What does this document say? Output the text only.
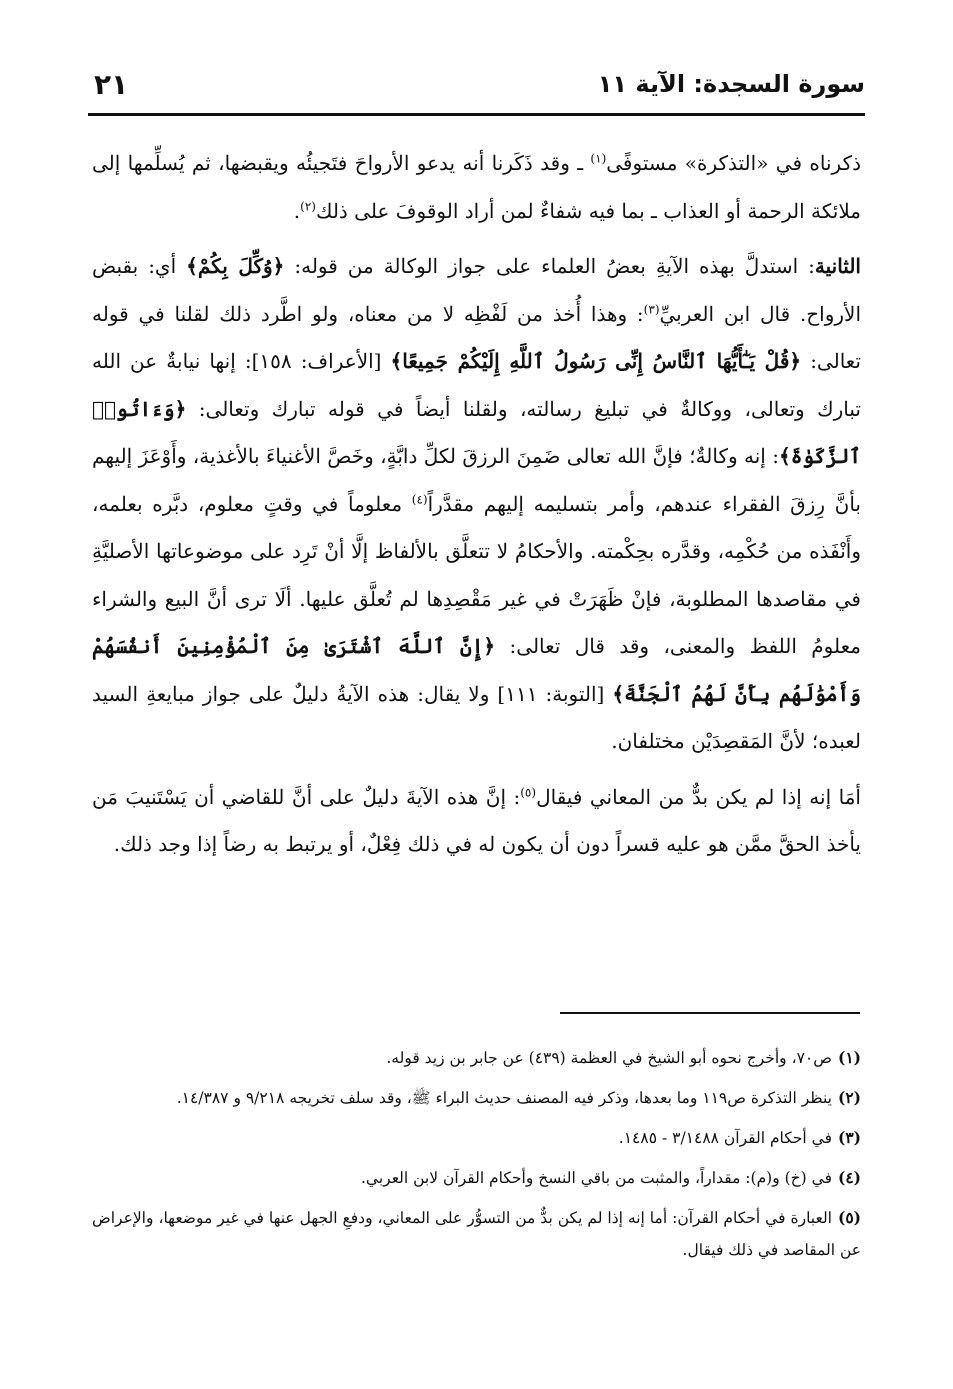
سورة السجدة: الآية ١١
٢١

ذكرناه في «التذكرة» مستوفًى$^{(١)}$ ـ وقد ذَكَرنا أنه يدعو الأرواحَ فتَجيئُه ويقبضها، ثم يُسلِّمها إلى ملائكة الرحمة أو العذاب ـ بما فيه شفاءٌ لمن أراد الوقوفَ على ذلك$^{(٢)}$.

الثانية: استدلَّ بهذه الآيةِ بعضُ العلماء على جواز الوكالة من قوله: ﴿وُكِّلَ بِكُمْ﴾ أي: بقبض الأرواح. قال ابن العربيِّ$^{(٣)}$: وهذا أُخذ من لَفْظِه لا من معناه، ولو اطَّرد ذلك لقلنا في قوله تعالى: ﴿قُلْ يَـٰٓأَيُّهَا ٱلنَّاسُ إِنِّى رَسُولُ ٱللَّهِ إِلَيْكُمْ جَمِيعًا﴾ [الأعراف: ١٥٨]: إنها نيابةٌ عن الله تبارك وتعالى، ووكالةٌ في تبليغ رسالته، ولقلنا أيضاً في قوله تبارك وتعالى: ﴿وَءَاتُوا۟ ٱلزَّكَوٰةَ﴾: إنه وكالةٌ؛ فإنَّ الله تعالى ضَمِنَ الرزقَ لكلِّ دابَّةٍ، وخَصَّ الأغنياءَ بالأغذية، وأَوْعَزَ إليهم بأنَّ رِزقَ الفقراء عندهم، وأمر بتسليمه إليهم مقدَّراً$^{(٤)}$ معلوماً في وقتٍ معلوم، دبَّره بعلمه، وأَنْفَذه من حُكْمِه، وقدَّره بحِكْمته. والأحكامُ لا تتعلَّق بالألفاظ إلَّا أنْ تَرِد على موضوعاتها الأصليَّةِ في مقاصدها المطلوبة، فإنْ ظَهَرَتْ في غير مَقْصِدِها لم تُعلَّق عليها. ألَا ترى أنَّ البيع والشراء معلومُ اللفظ والمعنى، وقد قال تعالى: ﴿إِنَّ ٱللَّهَ ٱشْتَرَىٰ مِنَ ٱلْمُؤْمِنِينَ أَنفُسَهُمْ وَأَمْوَٰلَهُم بِأَنَّ لَهُمُ ٱلْجَنَّةَ﴾ [التوبة: ١١١] ولا يقال: هذه الآيةُ دليلٌ على جواز مبايعةِ السيد لعبده؛ لأنَّ المَقصِدَيْن مختلفان.

أمَا إنه إذا لم يكن بدٌّ من المعاني فيقال$^{(٥)}$: إنَّ هذه الآيةَ دليلٌ على أنَّ للقاضي أن يَسْتَنيبَ مَن يأخذ الحقَّ ممَّن هو عليه قسراً دون أن يكون له في ذلك فِعْلٌ، أو يرتبط به رضاً إذا وجد ذلك.

(١)ص٧٠، وأخرج نحوه أبو الشيخ في العظمة (٤٣٩) عن جابر بن زيد قوله.

(٢)ينظر التذكرة ص١١٩ وما بعدها، وذكر فيه المصنف حديث البراء ﷺ، وقد سلف تخريجه ٩/٢١٨ و ١٤/٣٨٧.

(٣)في أحكام القرآن ٣/١٤٨٨ - ١٤٨٥.

(٤)في (خ) و(م): مقداراً، والمثبت من باقي النسخ وأحكام القرآن لابن العربي.

(٥)العبارة في أحكام القرآن: أما إنه إذا لم يكن بدٌّ من التسوُّر على المعاني، ودفعِ الجهل عنها في غير موضعها، والإعراض عن المقاصد في ذلك فيقال.
